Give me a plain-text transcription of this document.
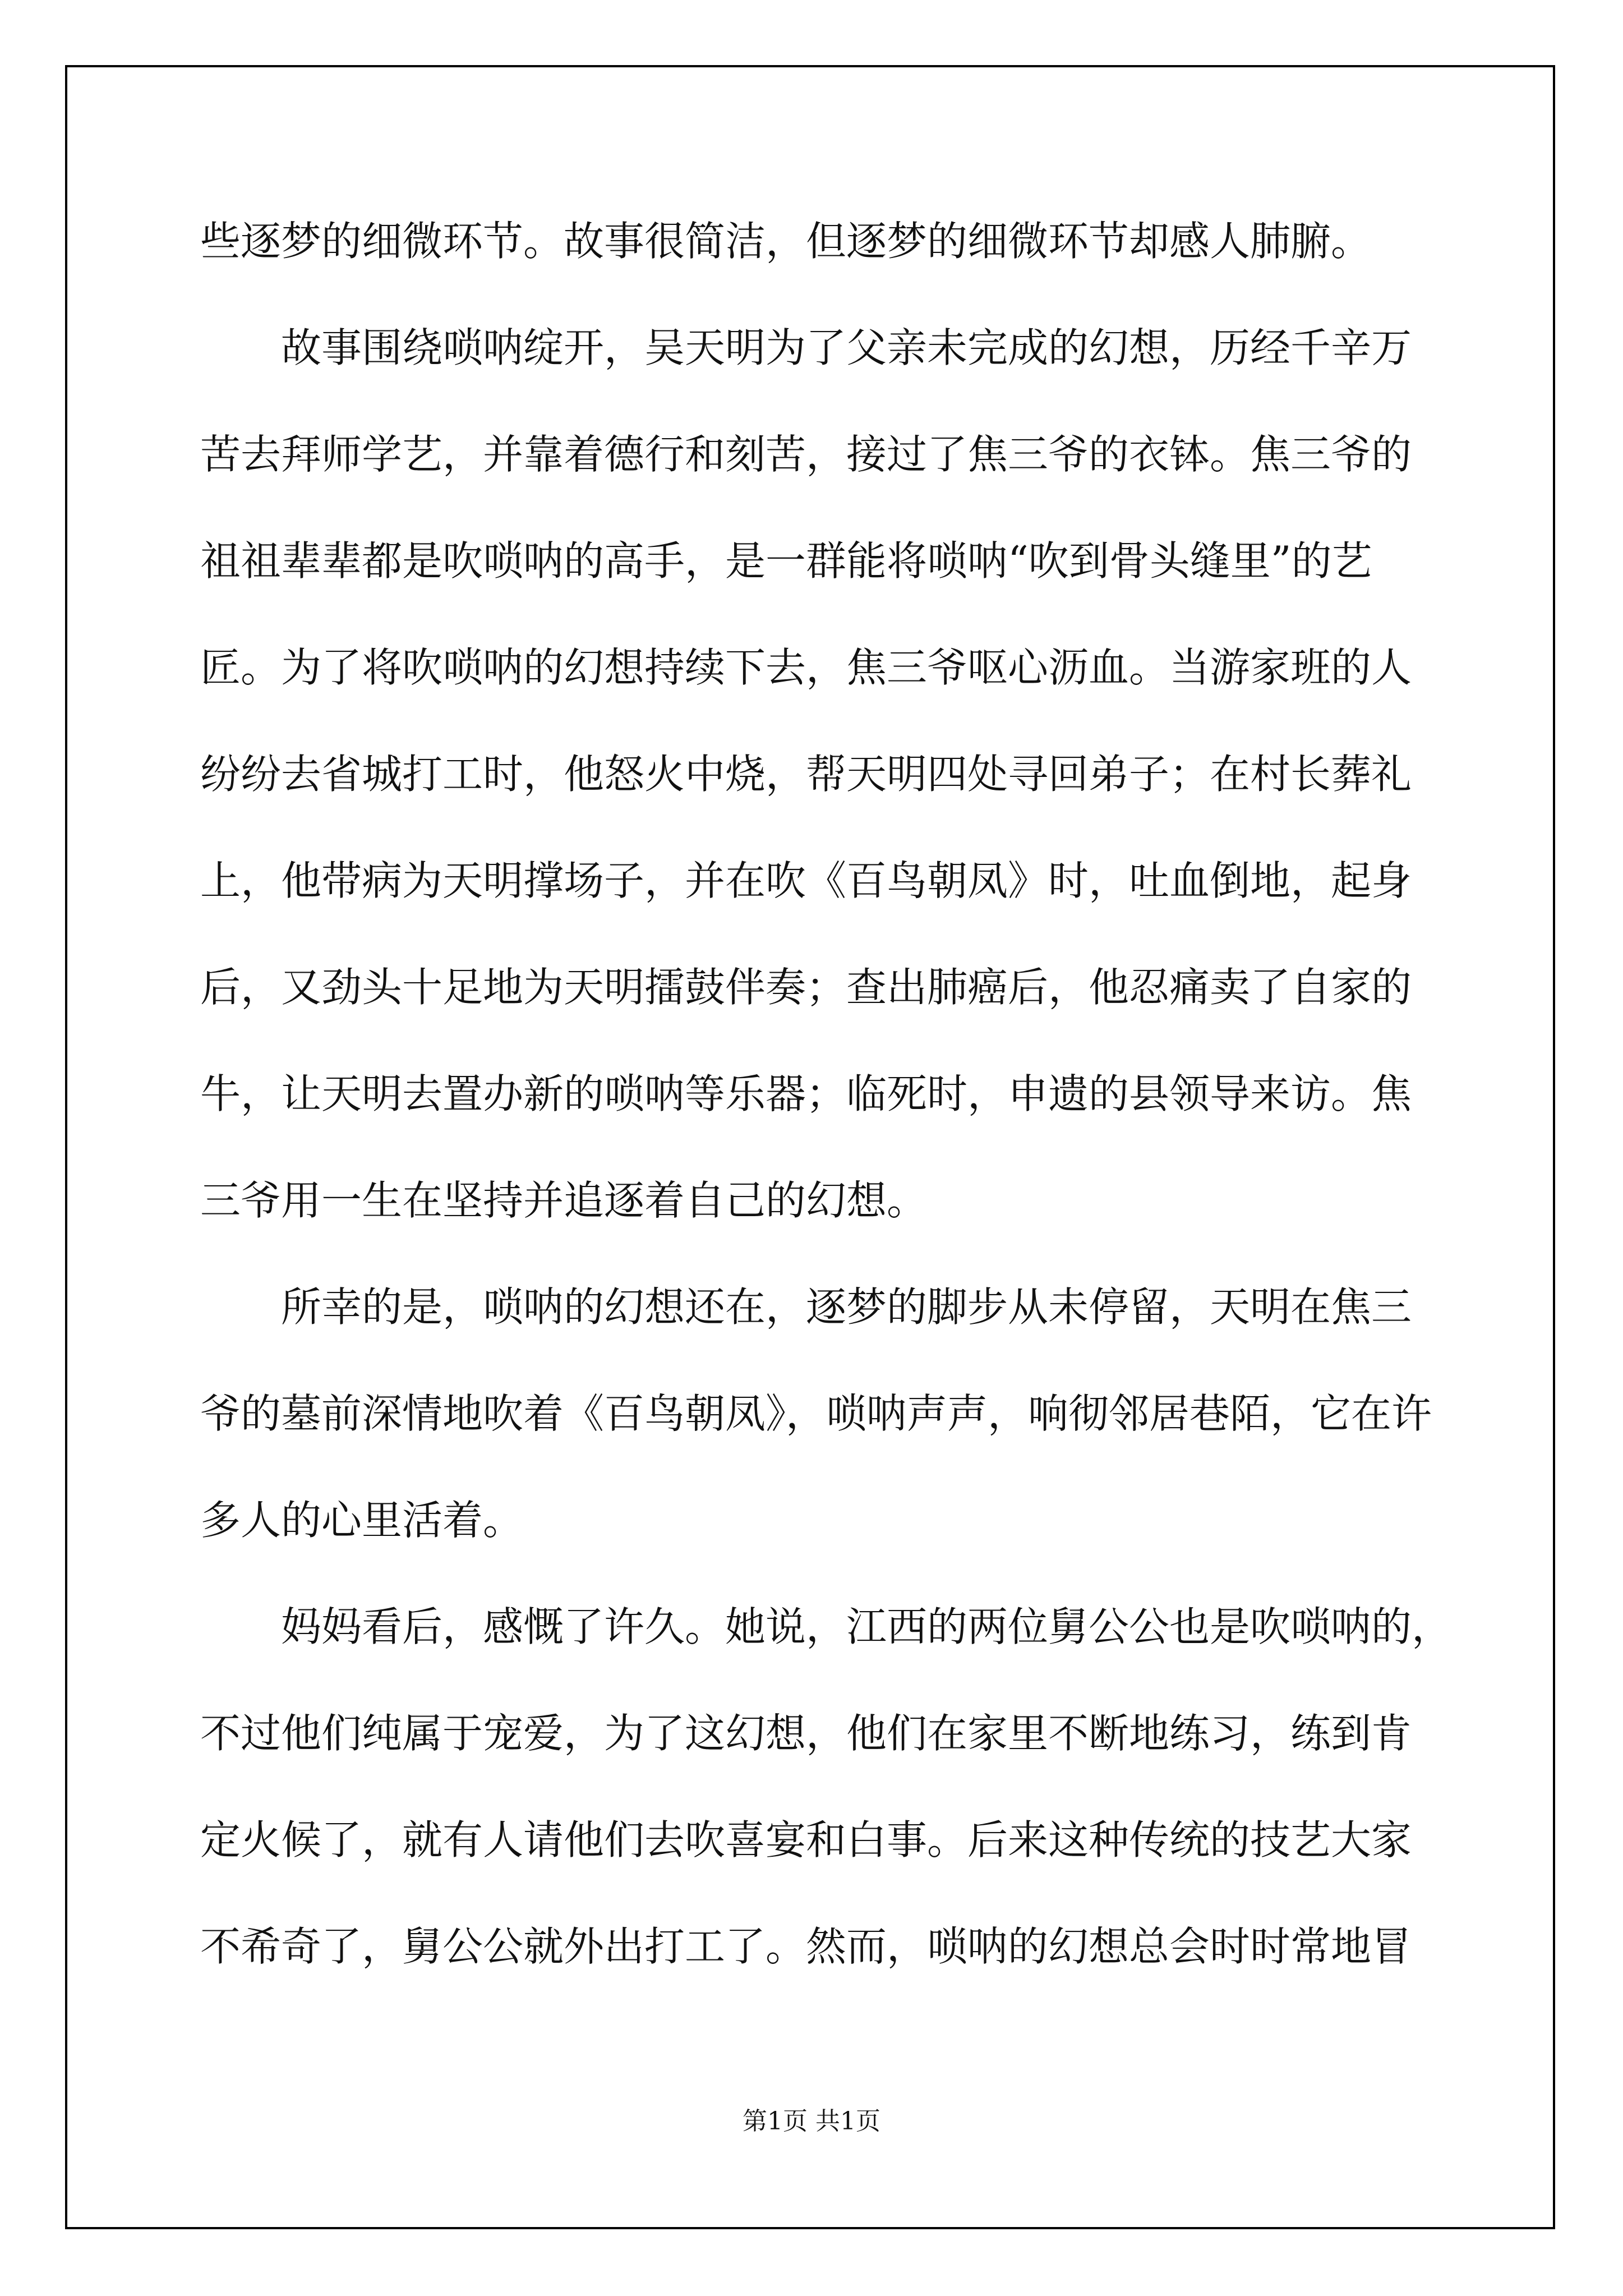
些逐梦的细微环节。故事很简洁，但逐梦的细微环节却感人肺腑。
故事围绕唢呐绽开，吴天明为了父亲未完成的幻想，历经千辛万
苦去拜师学艺，并靠着德行和刻苦，接过了焦三爷的衣钵。焦三爷的
祖祖辈辈都是吹唢呐的高手，是一群能将唢呐“吹到骨头缝里”的艺
匠。为了将吹唢呐的幻想持续下去，焦三爷呕心沥血。当游家班的人
纷纷去省城打工时，他怒火中烧，帮天明四处寻回弟子；在村长葬礼
上，他带病为天明撑场子，并在吹《百鸟朝凤》时，吐血倒地，起身
后，又劲头十足地为天明擂鼓伴奏；查出肺癌后，他忍痛卖了自家的
牛，让天明去置办新的唢呐等乐器；临死时，申遗的县领导来访。焦
三爷用一生在坚持并追逐着自己的幻想。
所幸的是，唢呐的幻想还在，逐梦的脚步从未停留，天明在焦三
爷的墓前深情地吹着《百鸟朝凤》，唢呐声声，响彻邻居巷陌，它在许
多人的心里活着。
妈妈看后，感慨了许久。她说，江西的两位舅公公也是吹唢呐的，
不过他们纯属于宠爱，为了这幻想，他们在家里不断地练习，练到肯
定火候了，就有人请他们去吹喜宴和白事。后来这种传统的技艺大家
不希奇了，舅公公就外出打工了。然而，唢呐的幻想总会时时常地冒
第1页 共1页
